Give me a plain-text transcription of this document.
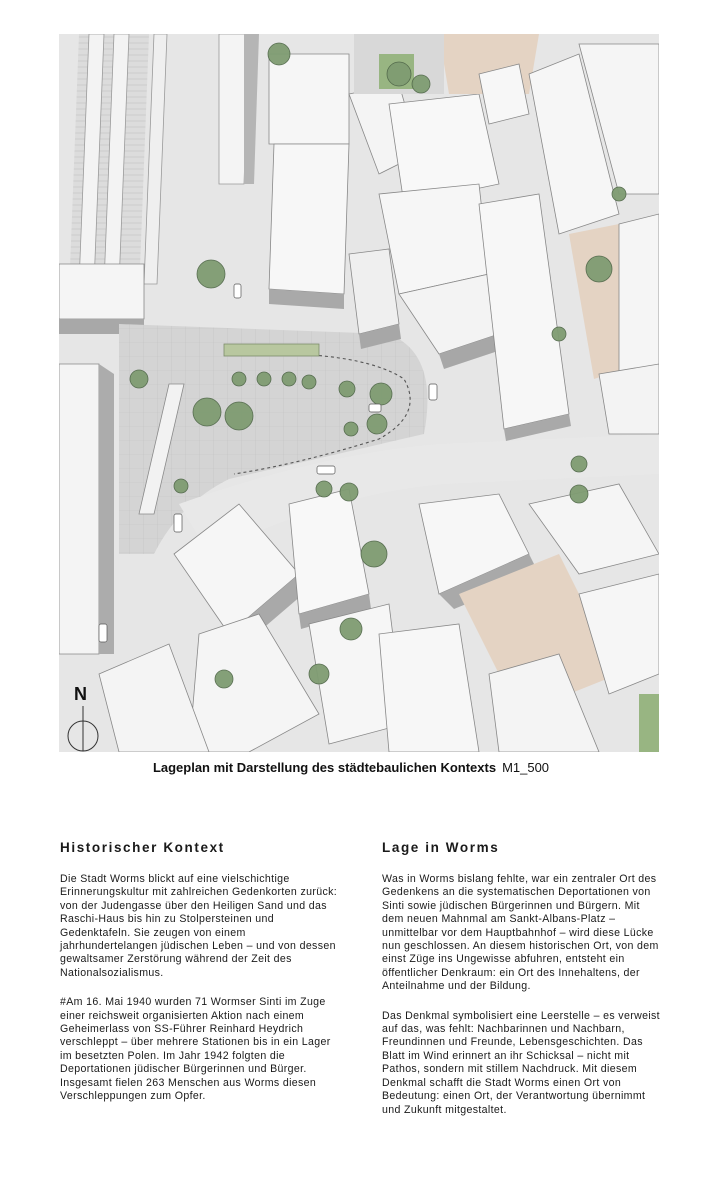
N
Lageplan mit Darstellung des städtebaulichen Kontexts M1_500
Historischer Kontext

Die Stadt Worms blickt auf eine vielschichtige Erinnerungskultur mit zahlreichen Gedenkorten zurück: von der Judengasse über den Heiligen Sand und das Raschi-Haus bis hin zu Stolpersteinen und Gedenktafeln. Sie zeugen von einem jahrhundertelangen jüdischen Leben – und von dessen gewaltsamer Zerstörung während der Zeit des Nationalsozialismus.

#Am 16. Mai 1940 wurden 71 Wormser Sinti im Zuge einer reichsweit organisierten Aktion nach einem Geheimerlass von SS-Führer Reinhard Heydrich verschleppt – über mehrere Stationen bis in ein Lager im besetzten Polen. Im Jahr 1942 folgten die Deportationen jüdischer Bürgerinnen und Bürger. Insgesamt fielen 263 Menschen aus Worms diesen Verschleppungen zum Opfer.

Lage in Worms

Was in Worms bislang fehlte, war ein zentraler Ort des Gedenkens an die systematischen Deportationen von Sinti sowie jüdischen Bürgerinnen und Bürgern. Mit dem neuen Mahnmal am Sankt-Albans-Platz – unmittelbar vor dem Hauptbahnhof – wird diese Lücke nun geschlossen. An diesem historischen Ort, von dem einst Züge ins Ungewisse abfuhren, entsteht ein öffentlicher Denkraum: ein Ort des Innehaltens, der Anteilnahme und der Bildung.

Das Denkmal symbolisiert eine Leerstelle – es verweist auf das, was fehlt: Nachbarinnen und Nachbarn, Freundinnen und Freunde, Lebensgeschichten. Das Blatt im Wind erinnert an ihr Schicksal – nicht mit Pathos, sondern mit stillem Nachdruck. Mit diesem Denkmal schafft die Stadt Worms einen Ort von Bedeutung: einen Ort, der Verantwortung übernimmt und Zukunft mitgestaltet.
